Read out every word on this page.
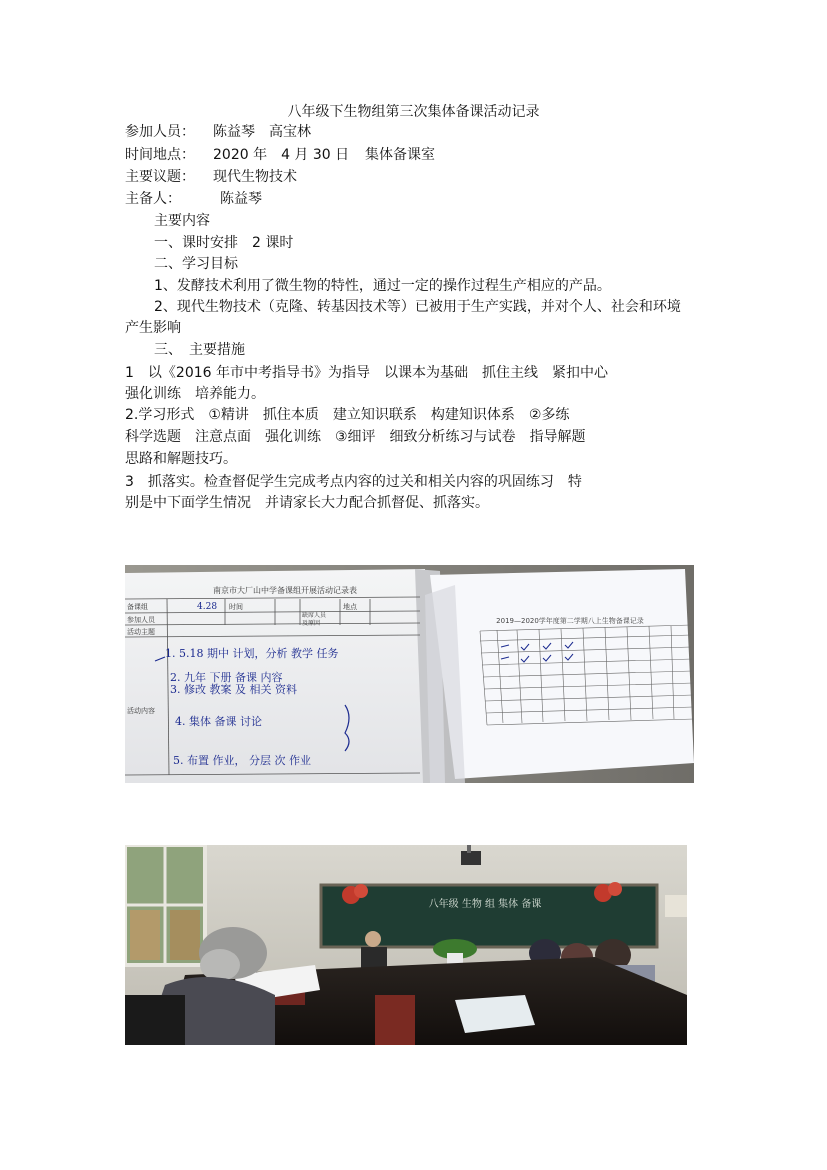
八年级下生物组第三次集体备课活动记录
参加人员： 陈益琴　高宝林
时间地点： 2020 年　4 月 30 日 集体备课室
主要议题： 现代生物技术
主备人：	陈益琴
主要内容
一、课时安排　2 课时
二、学习目标
1、发酵技术利用了微生物的特性，通过一定的操作过程生产相应的产品。
2、现代生物技术（克隆、转基因技术等）已被用于生产实践，并对个人、社会和环境
产生影响
三、　主要措施
1　以《2016 年市中考指导书》为指导　以课本为基础　抓住主线　紧扣中心
强化训练　培养能力。
2.学习形式　①精讲　抓住本质　建立知识联系　构建知识体系　②多练
科学选题　注意点面　强化训练　③细评　细致分析练习与试卷　指导解题
思路和解题技巧。
3　抓落实。检查督促学生完成考点内容的过关和相关内容的巩固练习　特
别是中下面学生情况　并请家长大力配合抓督促、抓落实。
南京市大厂山中学备课组开展活动记录表
备课组
参加人员
活动主题
活动内容
时间	地点
缺席人员
及原因
4.28
1. 5.18 期中 计划，分析 教学 任务
2. 九年 下册 备课 内容
3. 修改 教案 及 相关 资料
4. 集体 备课 讨论
5. 布置 作业， 分层 次 作业
2019—2020学年度第二学期八上生物备课记录
八年级 生物 组 集体 备课
